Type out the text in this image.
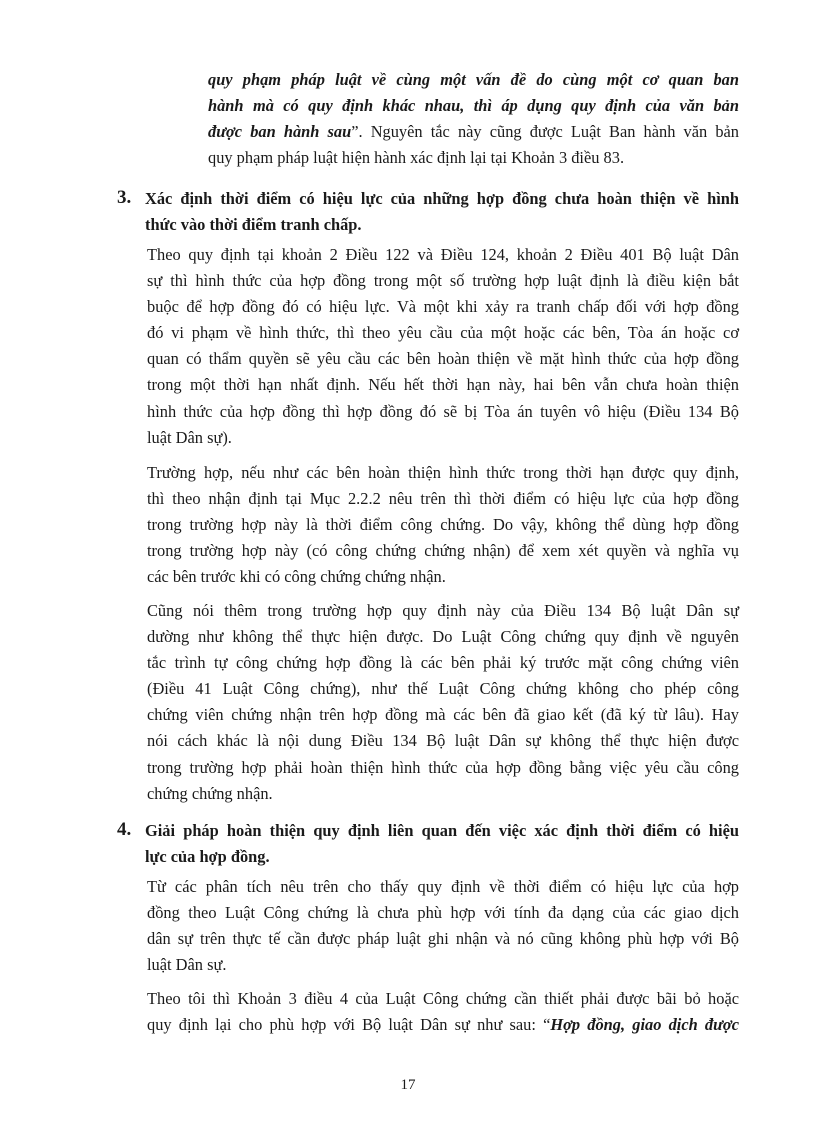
quy phạm pháp luật về cùng một vấn đề do cùng một cơ quan ban
hành mà có quy định khác nhau, thì áp dụng quy định của văn bản
được ban hành sau”. Nguyên tắc này cũng được Luật Ban hành văn bản
quy phạm pháp luật hiện hành xác định lại tại Khoản 3 điều 83.
3. Xác định thời điểm có hiệu lực của những hợp đồng chưa hoàn thiện về hình
thức vào thời điểm tranh chấp.
Theo quy định tại khoản 2 Điều 122 và Điều 124, khoản 2 Điều 401 Bộ luật Dân
sự thì hình thức của hợp đồng trong một số trường hợp luật định là điều kiện bắt
buộc để hợp đồng đó có hiệu lực. Và một khi xảy ra tranh chấp đối với hợp đồng
đó vi phạm về hình thức, thì theo yêu cầu của một hoặc các bên, Tòa án hoặc cơ
quan có thẩm quyền sẽ yêu cầu các bên hoàn thiện về mặt hình thức của hợp đồng
trong một thời hạn nhất định. Nếu hết thời hạn này, hai bên vẫn chưa hoàn thiện
hình thức của hợp đồng thì hợp đồng đó sẽ bị Tòa án tuyên vô hiệu (Điều 134 Bộ
luật Dân sự).
Trường hợp, nếu như các bên hoàn thiện hình thức trong thời hạn được quy định,
thì theo nhận định tại Mục 2.2.2 nêu trên thì thời điểm có hiệu lực của hợp đồng
trong trường hợp này là thời điểm công chứng. Do vậy, không thể dùng hợp đồng
trong trường hợp này (có công chứng chứng nhận) để xem xét quyền và nghĩa vụ
các bên trước khi có công chứng chứng nhận.
Cũng nói thêm trong trường hợp quy định này của Điều 134 Bộ luật Dân sự
dường như không thể thực hiện được. Do Luật Công chứng quy định về nguyên
tắc trình tự công chứng hợp đồng là các bên phải ký trước mặt công chứng viên
(Điều 41 Luật Công chứng), như thế Luật Công chứng không cho phép công
chứng viên chứng nhận trên hợp đồng mà các bên đã giao kết (đã ký từ lâu). Hay
nói cách khác là nội dung Điều 134 Bộ luật Dân sự không thể thực hiện được
trong trường hợp phải hoàn thiện hình thức của hợp đồng bằng việc yêu cầu công
chứng chứng nhận.
4. Giải pháp hoàn thiện quy định liên quan đến việc xác định thời điểm có hiệu
lực của hợp đồng.
Từ các phân tích nêu trên cho thấy quy định về thời điểm có hiệu lực của hợp
đồng theo Luật Công chứng là chưa phù hợp với tính đa dạng của các giao dịch
dân sự trên thực tế cần được pháp luật ghi nhận và nó cũng không phù hợp với Bộ
luật Dân sự.
Theo tôi thì Khoản 3 điều 4 của Luật Công chứng cần thiết phải được bãi bỏ hoặc
quy định lại cho phù hợp với Bộ luật Dân sự như sau: “Hợp đồng, giao dịch được
17
